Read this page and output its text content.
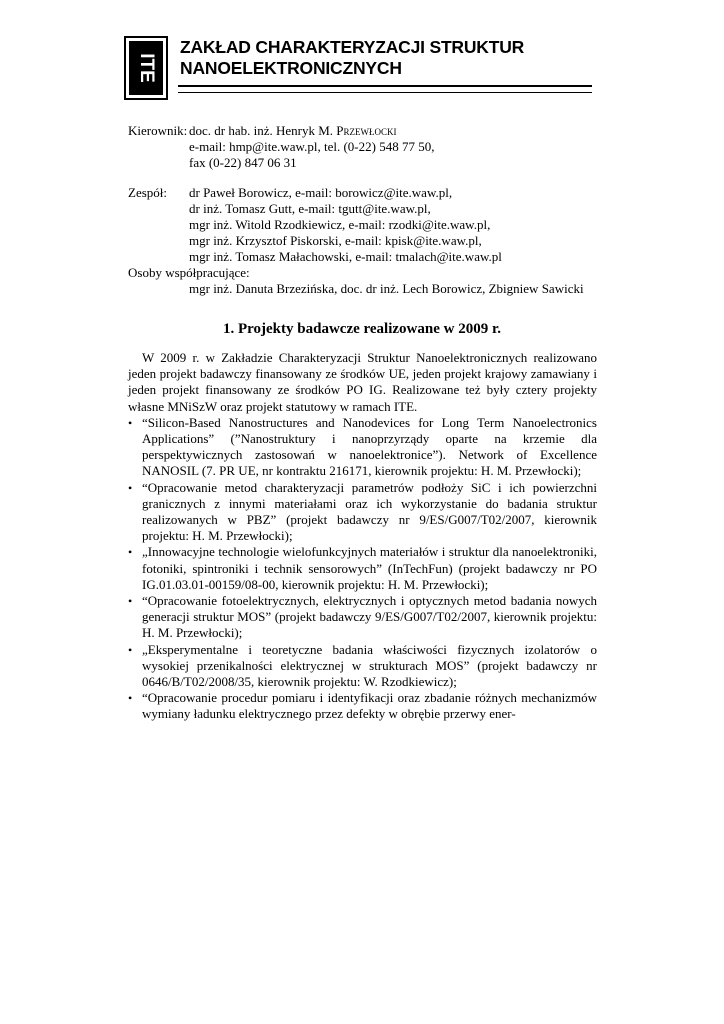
ITE
ZAKŁAD CHARAKTERYZACJI STRUKTUR
NANOELEKTRONICZNYCH
Kierownik: doc. dr hab. inż. Henryk M. Przewłocki
e-mail: hmp@ite.waw.pl, tel. (0-22) 548 77 50,
fax (0-22) 847 06 31
Zespół:	dr Paweł Borowicz, e-mail: borowicz@ite.waw.pl,
dr inż. Tomasz Gutt, e-mail: tgutt@ite.waw.pl,
mgr inż. Witold Rzodkiewicz, e-mail: rzodki@ite.waw.pl,
mgr inż. Krzysztof Piskorski, e-mail: kpisk@ite.waw.pl,
mgr inż. Tomasz Małachowski, e-mail: tmalach@ite.waw.pl
Osoby współpracujące:
mgr inż. Danuta Brzezińska, doc. dr inż. Lech Borowicz, Zbigniew Sawicki
1. Projekty badawcze realizowane w 2009 r.

W 2009 r. w Zakładzie Charakteryzacji Struktur Nanoelektronicznych realizowano jeden projekt badawczy finansowany ze środków UE, jeden projekt krajowy zamawiany i jeden projekt finansowany ze środków PO IG. Realizowane też były cztery projekty własne MNiSzW oraz projekt statutowy w ramach ITE.

• “Silicon-Based Nanostructures and Nanodevices for Long Term Nanoelectronics Applications” (”Nanostruktury i nanoprzyrządy oparte na krzemie dla perspektywicznych zastosowań w nanoelektronice”). Network of Excellence NANOSIL (7. PR UE, nr kontraktu 216171, kierownik projektu: H. M. Przewłocki);
• “Opracowanie metod charakteryzacji parametrów podłoży SiC i ich powierzchni granicznych z innymi materiałami oraz ich wykorzystanie do badania struktur realizowanych w PBZ” (projekt badawczy nr 9/ES/G007/T02/2007, kierownik projektu: H. M. Przewłocki);
• „Innowacyjne technologie wielofunkcyjnych materiałów i struktur dla nanoelektroniki, fotoniki, spintroniki i technik sensorowych” (InTechFun) (projekt badawczy nr PO IG.01.03.01-00159/08-00, kierownik projektu: H. M. Przewłocki);
• “Opracowanie fotoelektrycznych, elektrycznych i optycznych metod badania nowych generacji struktur MOS” (projekt badawczy 9/ES/G007/T02/2007, kierownik projektu: H. M. Przewłocki);
• „Eksperymentalne i teoretyczne badania właściwości fizycznych izolatorów o wysokiej przenikalności elektrycznej w strukturach MOS” (projekt badawczy nr 0646/B/T02/2008/35, kierownik projektu: W. Rzodkiewicz);
• “Opracowanie procedur pomiaru i identyfikacji oraz zbadanie różnych mechanizmów wymiany ładunku elektrycznego przez defekty w obrębie przerwy ener-
